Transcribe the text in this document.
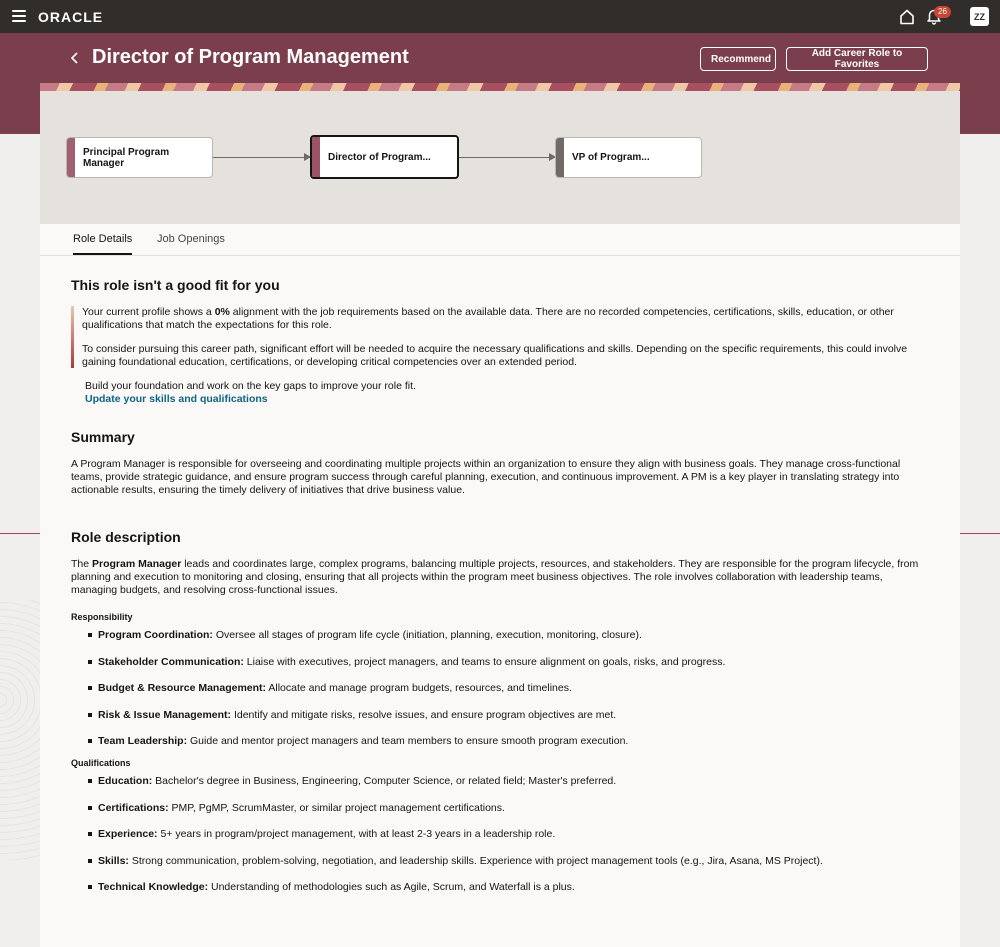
ORACLE	26	ZZ
Director of Program Management	Recommend	Add Career Role to Favorites
Principal Program Manager
Director of Program...	VP of Program...
Role Details Job Openings
This role isn't a good fit for you

Your current profile shows a 0% alignment with the job requirements based on the available data. There are no recorded competencies, certifications, skills, education, or other qualifications that match the expectations for this role.

To consider pursuing this career path, significant effort will be needed to acquire the necessary qualifications and skills. Depending on the specific requirements, this could involve gaining foundational education, certifications, or developing critical competencies over an extended period.

Build your foundation and work on the key gaps to improve your role fit.

Update your skills and qualifications
Summary

A Program Manager is responsible for overseeing and coordinating multiple projects within an organization to ensure they align with business goals. They manage cross-functional teams, provide strategic guidance, and ensure program success through careful planning, execution, and continuous improvement. A PM is a key player in translating strategy into actionable results, ensuring the timely delivery of initiatives that drive business value.

Role description

The Program Manager leads and coordinates large, complex programs, balancing multiple projects, resources, and stakeholders. They are responsible for the program lifecycle, from planning and execution to monitoring and closing, ensuring that all projects within the program meet business objectives. The role involves collaboration with leadership teams, managing budgets, and resolving cross-functional issues.

Responsibility
Program Coordination: Oversee all stages of program life cycle (initiation, planning, execution, monitoring, closure).
Stakeholder Communication: Liaise with executives, project managers, and teams to ensure alignment on goals, risks, and progress.
Budget & Resource Management: Allocate and manage program budgets, resources, and timelines.
Risk & Issue Management: Identify and mitigate risks, resolve issues, and ensure program objectives are met.
Team Leadership: Guide and mentor project managers and team members to ensure smooth program execution.
Qualifications
Education: Bachelor's degree in Business, Engineering, Computer Science, or related field; Master's preferred.
Certifications: PMP, PgMP, ScrumMaster, or similar project management certifications.
Experience: 5+ years in program/project management, with at least 2-3 years in a leadership role.
Skills: Strong communication, problem-solving, negotiation, and leadership skills. Experience with project management tools (e.g., Jira, Asana, MS Project).
Technical Knowledge: Understanding of methodologies such as Agile, Scrum, and Waterfall is a plus.
